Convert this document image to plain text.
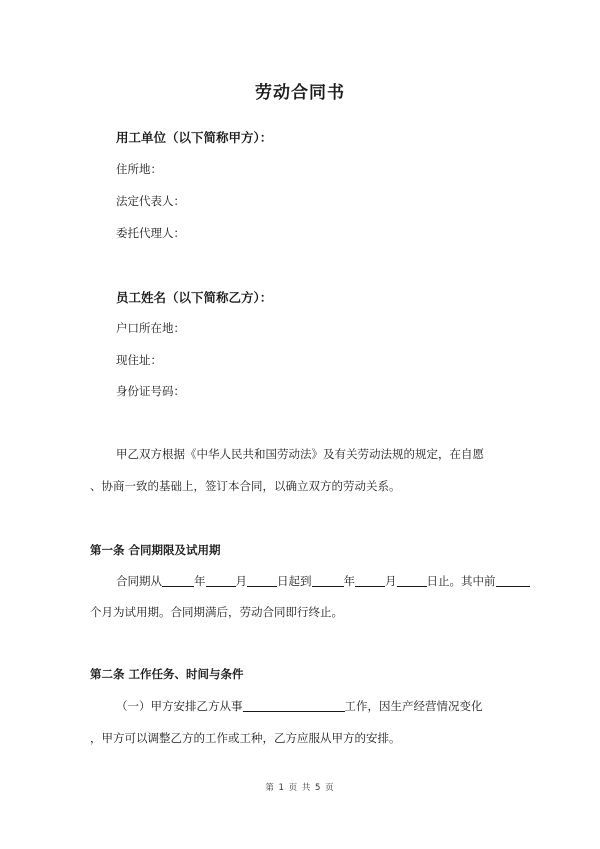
劳动合同书
用工单位（以下简称甲方）：
住所地：
法定代表人：
委托代理人：
员工姓名（以下简称乙方）：
户口所在地：
现住址：
身份证号码：
甲乙双方根据《中华人民共和国劳动法》及有关劳动法规的规定，在自愿
、协商一致的基础上，签订本合同，以确立双方的劳动关系。
第一条 合同期限及试用期
合同期从	年	月	日起到	年	月	日止。其中前
个月为试用期。合同期满后，劳动合同即行终止。
第二条 工作任务、时间与条件
（一）甲方安排乙方从事	工作，因生产经营情况变化
，甲方可以调整乙方的工作或工种，乙方应服从甲方的安排。
第 1 页 共 5 页
